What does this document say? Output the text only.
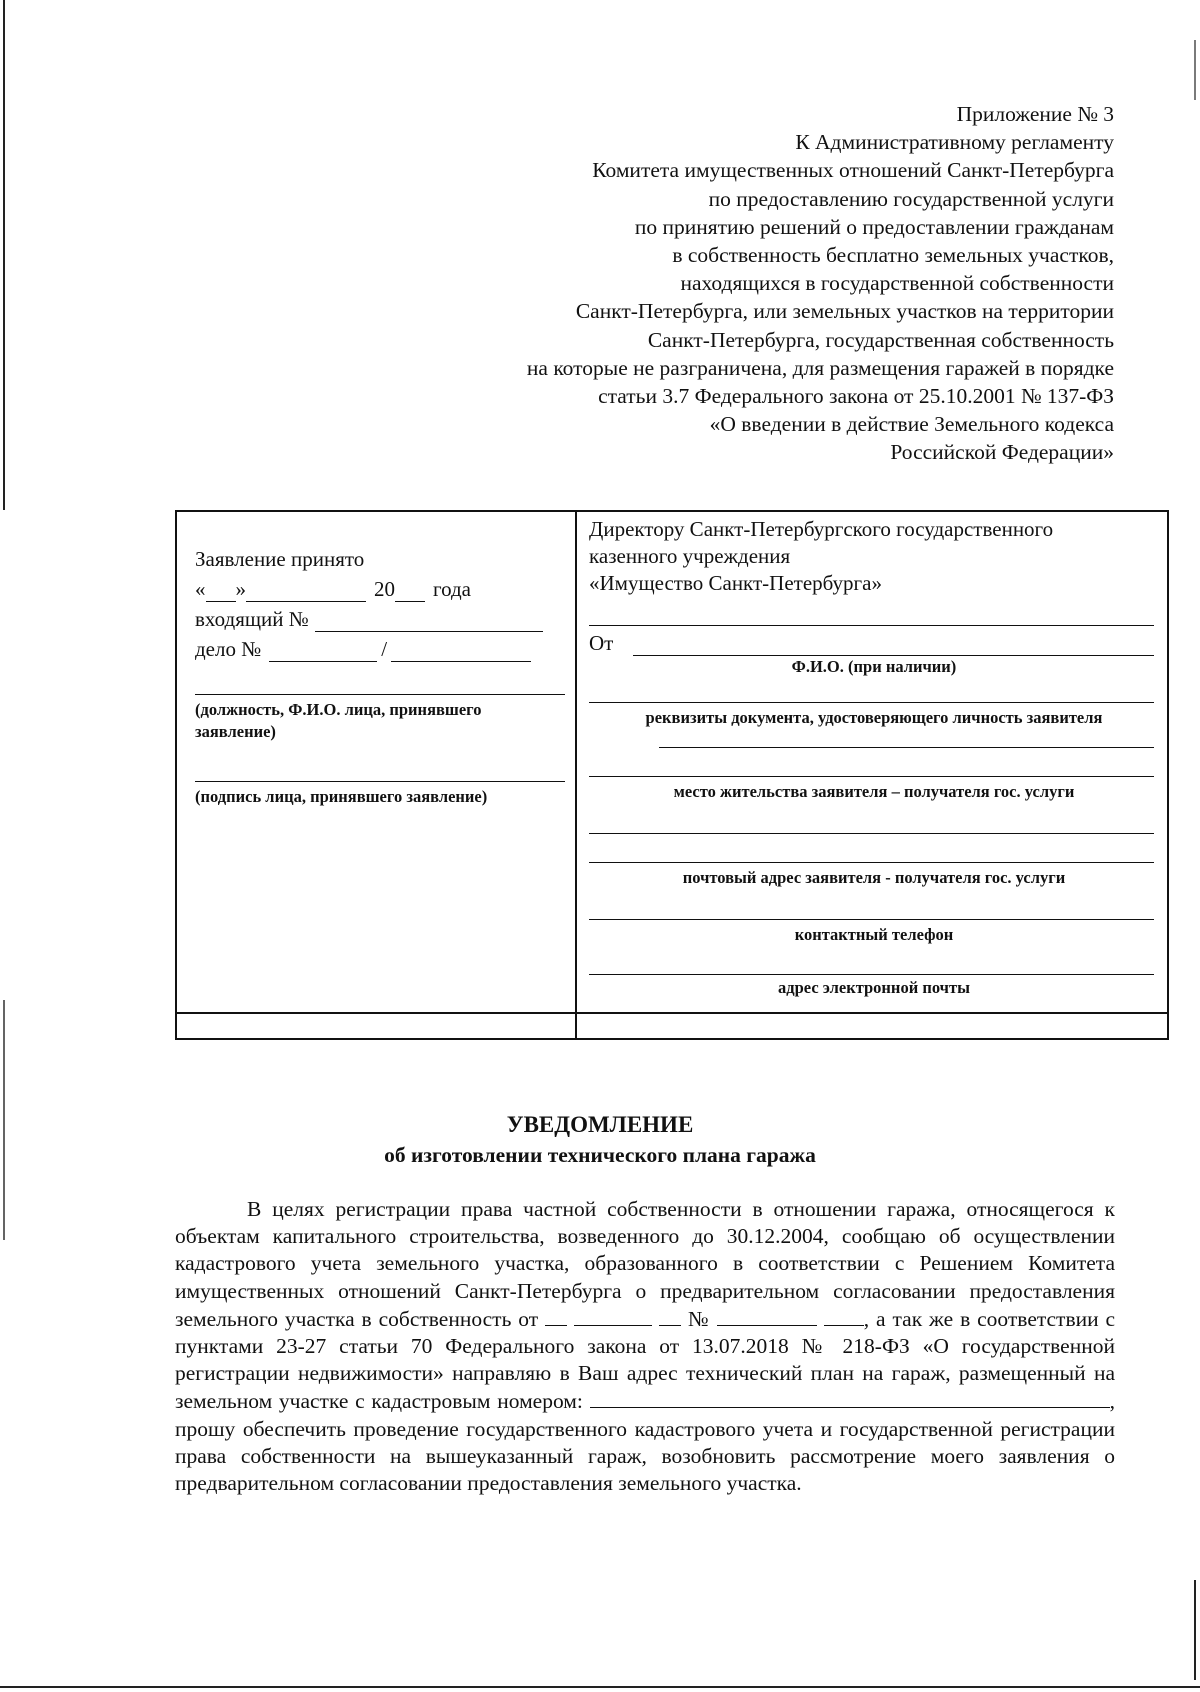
Приложение № 3
К Административному регламенту
Комитета имущественных отношений Санкт-Петербурга
по предоставлению государственной услуги
по принятию решений о предоставлении гражданам
в собственность бесплатно земельных участков,
находящихся в государственной собственности
Санкт-Петербурга, или земельных участков на территории
Санкт-Петербурга, государственная собственность
на которые не разграничена, для размещения гаражей в порядке
статьи 3.7 Федерального закона от 25.10.2001 № 137-ФЗ
«О введении в действие Земельного кодекса
Российской Федерации»
Заявление принято
« »	20 года
входящий №
дело №	/
(должность, Ф.И.О. лица, принявшего заявление)
(подпись лица, принявшего заявление)
Директору Санкт-Петербургского государственного
казенного учреждения
«Имущество Санкт-Петербурга»
От
Ф.И.О. (при наличии)
реквизиты документа, удостоверяющего личность заявителя
место жительства заявителя – получателя гос. услуги
почтовый адрес заявителя - получателя гос. услуги
контактный телефон
адрес электронной почты
УВЕДОМЛЕНИЕ
об изготовлении технического плана гаража
В целях регистрации права частной собственности в отношении гаража, относящегося к объектам капитального строительства, возведенного до 30.12.2004, сообщаю об осуществлении кадастрового учета земельного участка, образованного в соответствии с Решением Комитета имущественных отношений Санкт-Петербурга о предварительном согласовании предоставления земельного участка в собственность от	№	, а так же в соответствии с пунктами 23-27 статьи 70 Федерального закона от 13.07.2018 № 218-ФЗ «О государственной регистрации недвижимости» направляю в Ваш адрес технический план на гараж, размещенный на земельном участке с кадастровым номером:	, прошу обеспечить проведение государственного кадастрового учета и государственной регистрации права собственности на вышеуказанный гараж, возобновить рассмотрение моего заявления о предварительном согласовании предоставления земельного участка.
